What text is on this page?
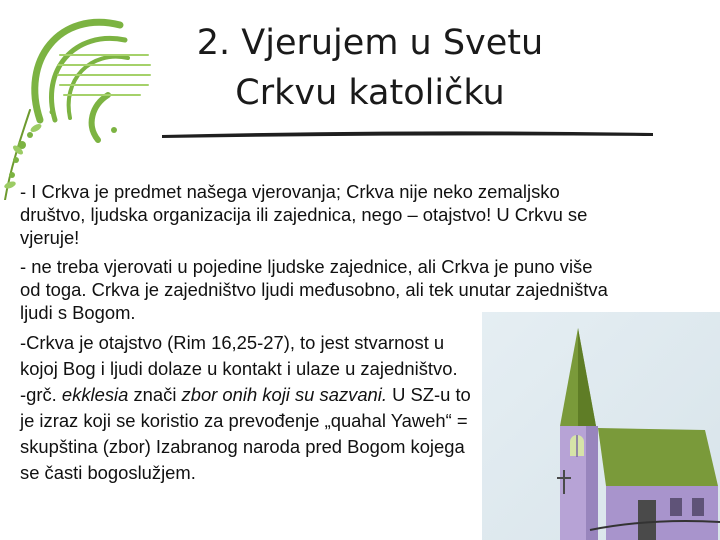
2. Vjerujem u Svetu Crkvu katoličku

- I Crkva je predmet našega vjerovanja; Crkva nije neko zemaljsko društvo, ljudska organizacija ili zajednica, nego – otajstvo! U Crkvu se vjeruje!

- ne treba vjerovati u pojedine ljudske zajednice, ali Crkva je puno više od toga. Crkva je zajedništvo ljudi međusobno, ali tek unutar zajedništva ljudi s Bogom.

-Crkva je otajstvo (Rim 16,25-27), to jest stvarnost u

kojoj Bog i ljudi dolaze u kontakt i ulaze u zajedništvo.

-grč. ekklesia znači zbor onih koji su sazvani. U SZ-u to

je izraz koji se koristio za prevođenje „quahal Yaweh“ =

skupština (zbor) Izabranog naroda pred Bogom kojega

se časti bogoslužjem.
